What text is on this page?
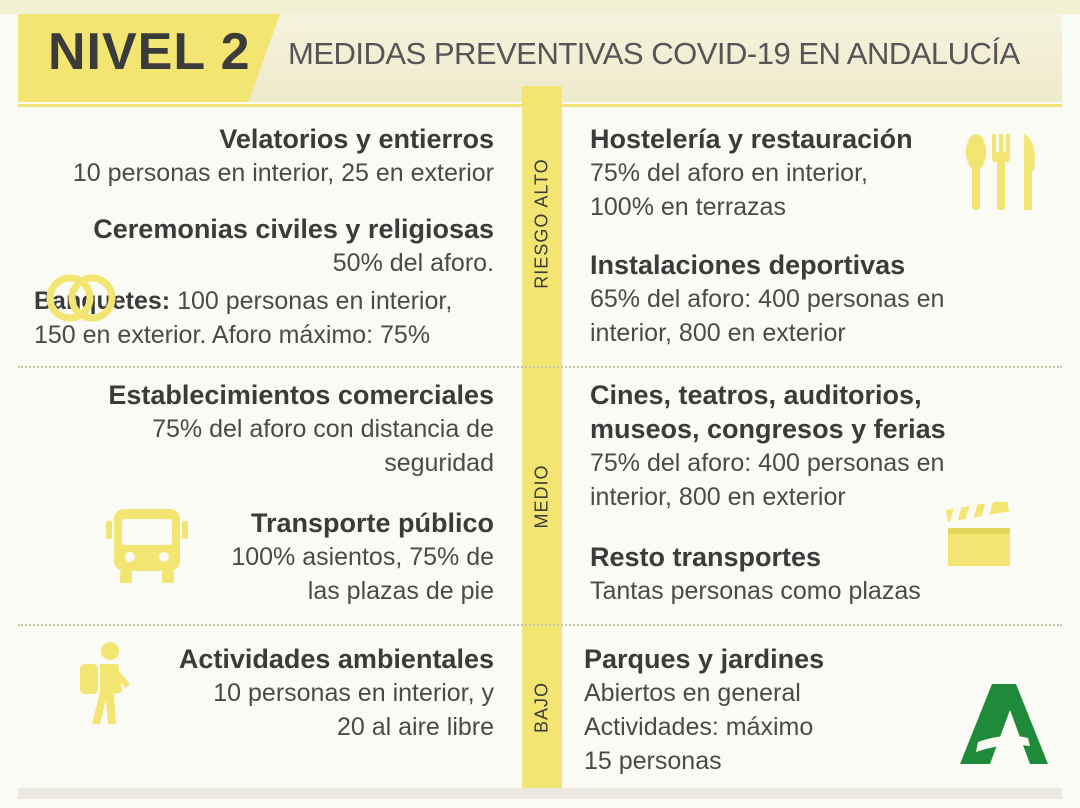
NIVEL 2 MEDIDAS PREVENTIVAS COVID-19 EN ANDALUCÍA
RIESGO ALTO
MEDIO
BAJO
Velatorios y entierros
10 personas en interior, 25 en exterior
Ceremonias civiles y religiosas
50% del aforo.
Banquetes: 100 personas en interior,
150 en exterior. Aforo máximo: 75%
Establecimientos comerciales
75% del aforo con distancia de
seguridad
Transporte público
100% asientos, 75% de
las plazas de pie
Actividades ambientales
10 personas en interior, y
20 al aire libre
Hostelería y restauración
75% del aforo en interior,
100% en terrazas
Instalaciones deportivas
65% del aforo: 400 personas en
interior, 800 en exterior
Cines, teatros, auditorios,
museos, congresos y ferias
75% del aforo: 400 personas en
interior, 800 en exterior
Resto transportes
Tantas personas como plazas
Parques y jardines
Abiertos en general
Actividades: máximo
15 personas
